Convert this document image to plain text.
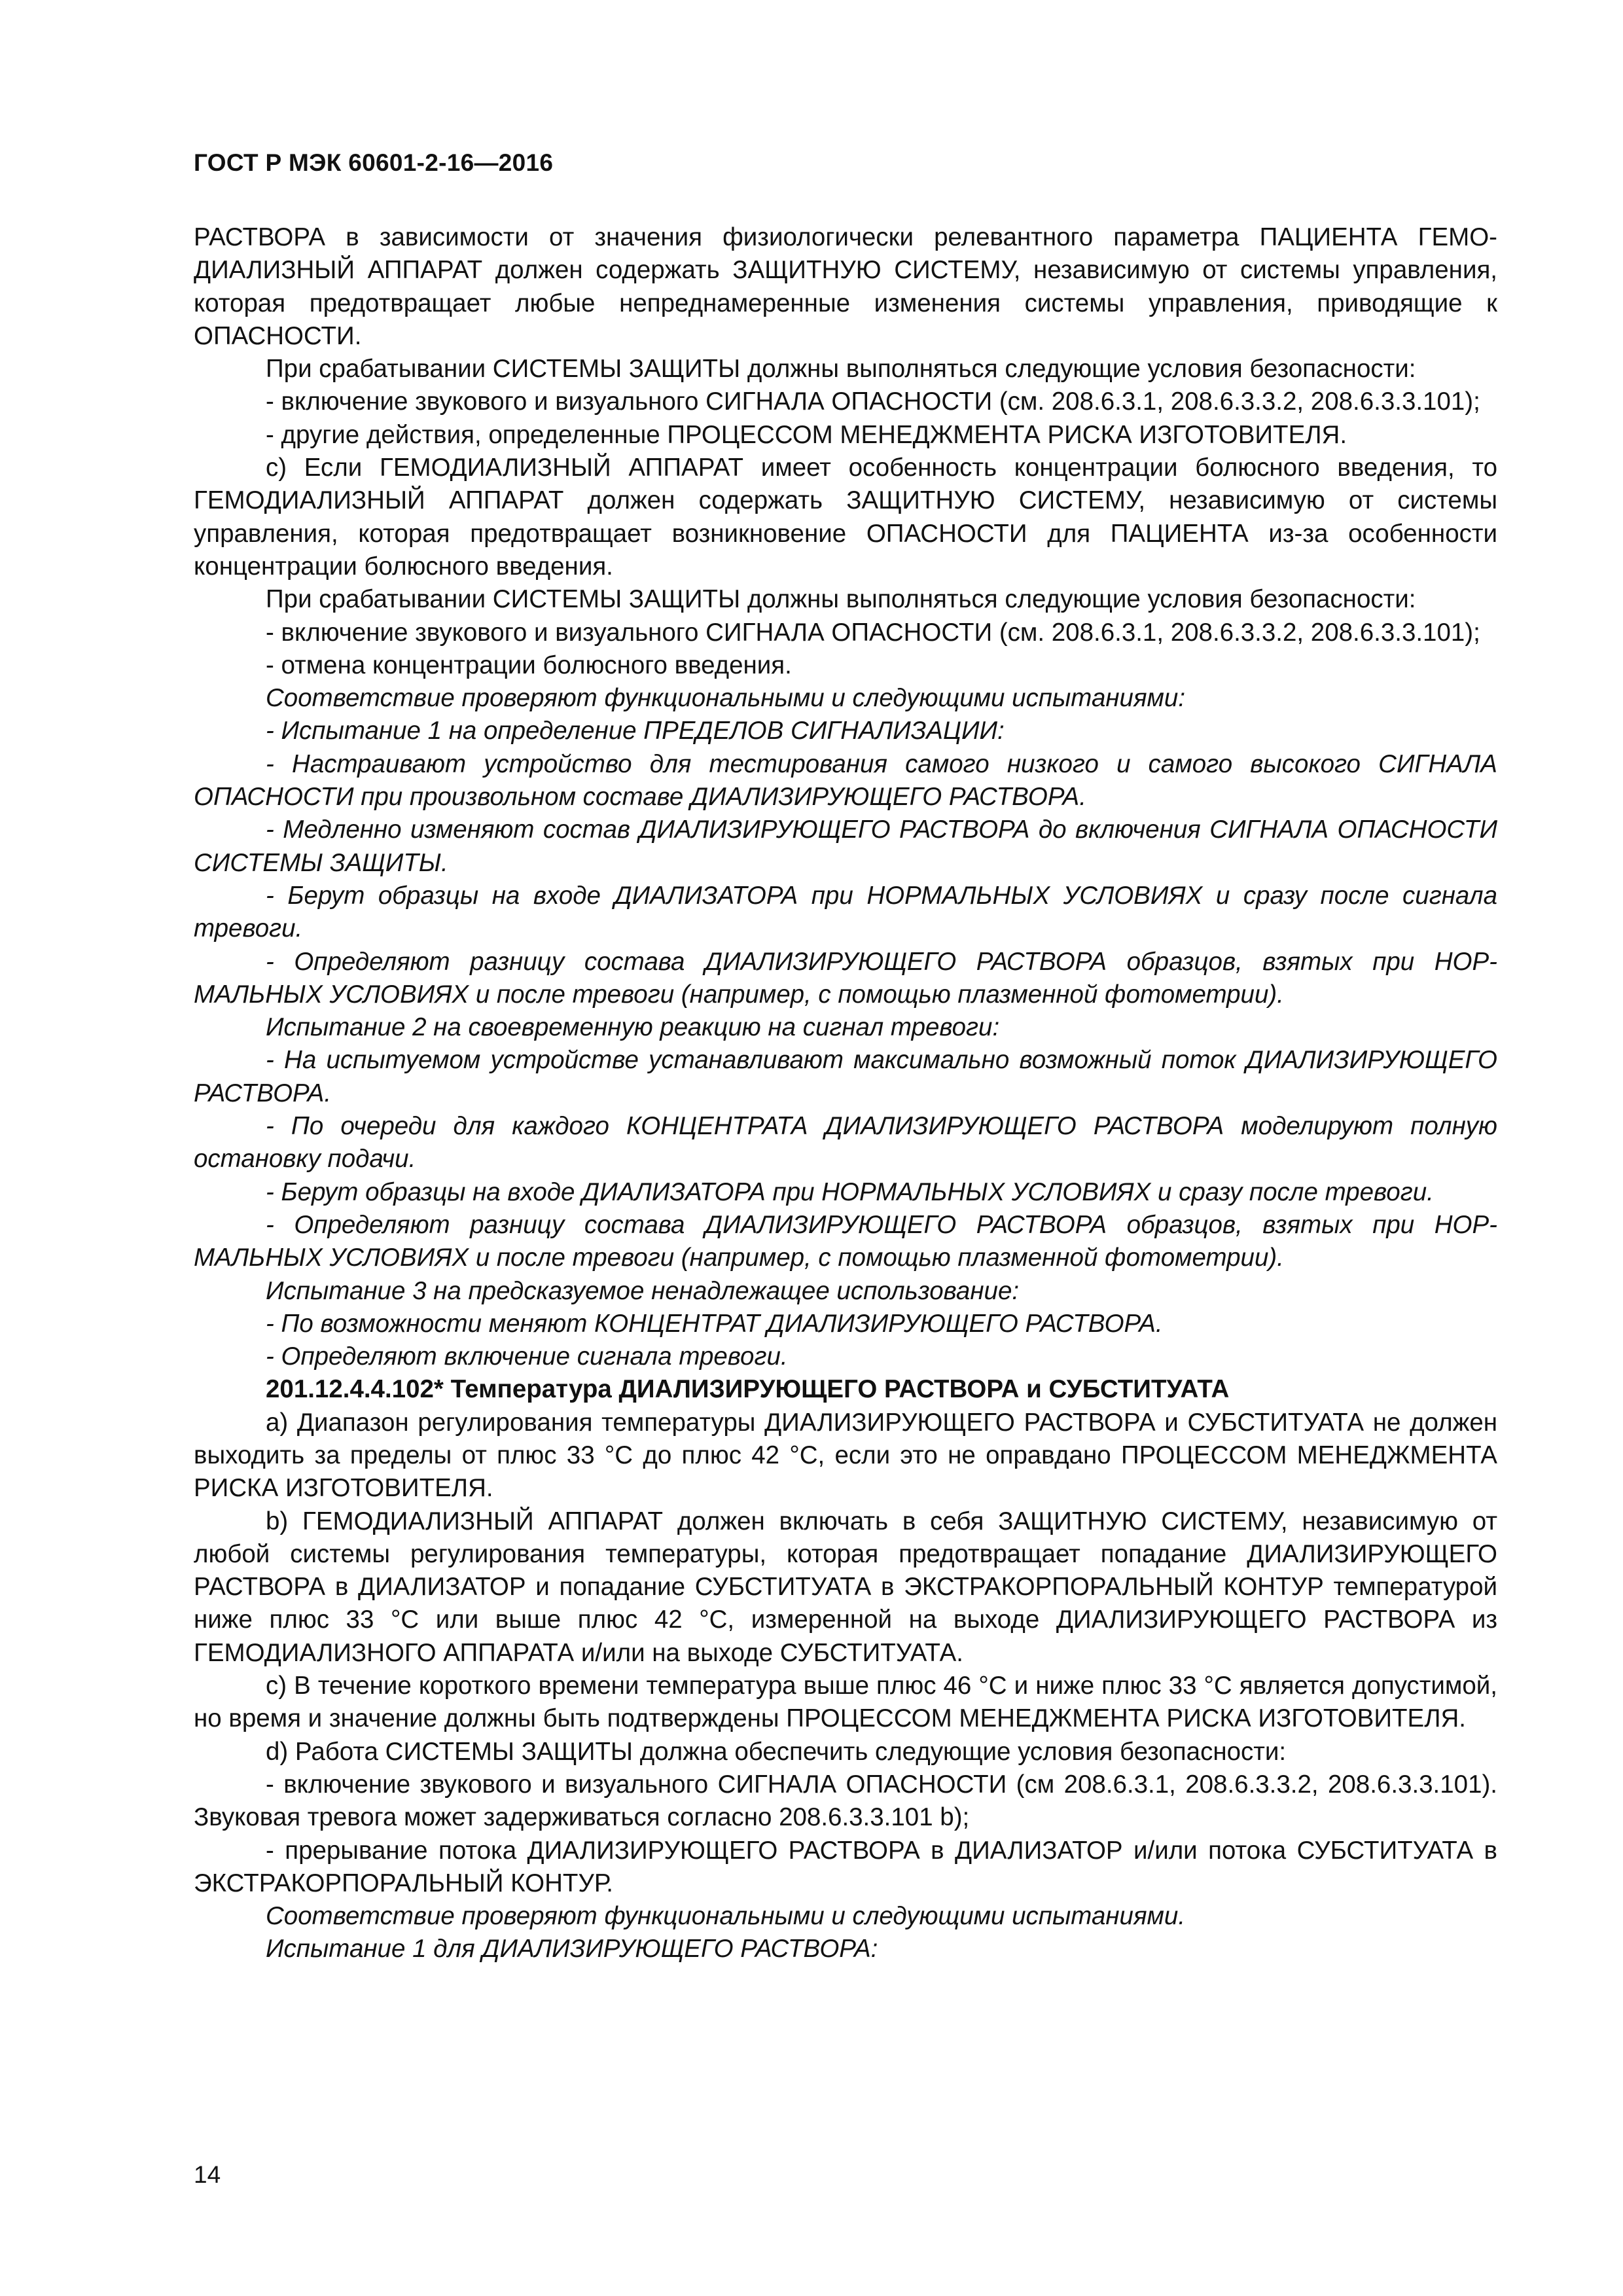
ГОСТ Р МЭК 60601-2-16—2016

РАСТВОРА в зависимости от значения физиологически релевантного параметра ПАЦИЕНТА ГЕМОДИАЛИЗНЫЙ АППАРАТ должен содержать ЗАЩИТНУЮ СИСТЕМУ, независимую от системы управления, которая предотвращает любые непреднамеренные изменения системы управления, приводящие к ОПАСНОСТИ.

При срабатывании СИСТЕМЫ ЗАЩИТЫ должны выполняться следующие условия безопасности:

- включение звукового и визуального СИГНАЛА ОПАСНОСТИ (см. 208.6.3.1, 208.6.3.3.2, 208.6.3.3.101);

- другие действия, определенные ПРОЦЕССОМ МЕНЕДЖМЕНТА РИСКА ИЗГОТОВИТЕЛЯ.

с) Если ГЕМОДИАЛИЗНЫЙ АППАРАТ имеет особенность концентрации болюсного введения, то ГЕМОДИАЛИЗНЫЙ АППАРАТ должен содержать ЗАЩИТНУЮ СИСТЕМУ, независимую от системы управления, которая предотвращает возникновение ОПАСНОСТИ для ПАЦИЕНТА из-за особенности концентрации болюсного введения.

При срабатывании СИСТЕМЫ ЗАЩИТЫ должны выполняться следующие условия безопасности:

- включение звукового и визуального СИГНАЛА ОПАСНОСТИ (см. 208.6.3.1, 208.6.3.3.2, 208.6.3.3.101);

- отмена концентрации болюсного введения.

Соответствие проверяют функциональными и следующими испытаниями:

- Испытание 1 на определение ПРЕДЕЛОВ СИГНАЛИЗАЦИИ:

- Настраивают устройство для тестирования самого низкого и самого высокого СИГНАЛА ОПАСНОСТИ при произвольном составе ДИАЛИЗИРУЮЩЕГО РАСТВОРА.

- Медленно изменяют состав ДИАЛИЗИРУЮЩЕГО РАСТВОРА до включения СИГНАЛА ОПАСНОСТИ СИСТЕМЫ ЗАЩИТЫ.

- Берут образцы на входе ДИАЛИЗАТОРА при НОРМАЛЬНЫХ УСЛОВИЯХ и сразу после сигнала тревоги.

- Определяют разницу состава ДИАЛИЗИРУЮЩЕГО РАСТВОРА образцов, взятых при НОРМАЛЬНЫХ УСЛОВИЯХ и после тревоги (например, с помощью плазменной фотометрии).

Испытание 2 на своевременную реакцию на сигнал тревоги:

- На испытуемом устройстве устанавливают максимально возможный поток ДИАЛИЗИРУЮЩЕГО РАСТВОРА.

- По очереди для каждого КОНЦЕНТРАТА ДИАЛИЗИРУЮЩЕГО РАСТВОРА моделируют полную остановку подачи.

- Берут образцы на входе ДИАЛИЗАТОРА при НОРМАЛЬНЫХ УСЛОВИЯХ и сразу после тревоги.

- Определяют разницу состава ДИАЛИЗИРУЮЩЕГО РАСТВОРА образцов, взятых при НОРМАЛЬНЫХ УСЛОВИЯХ и после тревоги (например, с помощью плазменной фотометрии).

Испытание 3 на предсказуемое ненадлежащее использование:

- По возможности меняют КОНЦЕНТРАТ ДИАЛИЗИРУЮЩЕГО РАСТВОРА.

- Определяют включение сигнала тревоги.

201.12.4.4.102* Температура ДИАЛИЗИРУЮЩЕГО РАСТВОРА и СУБСТИТУАТА

a) Диапазон регулирования температуры ДИАЛИЗИРУЮЩЕГО РАСТВОРА и СУБСТИТУАТА не должен выходить за пределы от плюс 33 °С до плюс 42 °С, если это не оправдано ПРОЦЕССОМ МЕНЕДЖМЕНТА РИСКА ИЗГОТОВИТЕЛЯ.

b) ГЕМОДИАЛИЗНЫЙ АППАРАТ должен включать в себя ЗАЩИТНУЮ СИСТЕМУ, независимую от любой системы регулирования температуры, которая предотвращает попадание ДИАЛИЗИРУЮЩЕГО РАСТВОРА в ДИАЛИЗАТОР и попадание СУБСТИТУАТА в ЭКСТРАКОРПОРАЛЬНЫЙ КОНТУР температурой ниже плюс 33 °С или выше плюс 42 °С, измеренной на выходе ДИАЛИЗИРУЮЩЕГО РАСТВОРА из ГЕМОДИАЛИЗНОГО АППАРАТА и/или на выходе СУБСТИТУАТА.

с) В течение короткого времени температура выше плюс 46 °С и ниже плюс 33 °С является допустимой, но время и значение должны быть подтверждены ПРОЦЕССОМ МЕНЕДЖМЕНТА РИСКА ИЗГОТОВИТЕЛЯ.

d) Работа СИСТЕМЫ ЗАЩИТЫ должна обеспечить следующие условия безопасности:

- включение звукового и визуального СИГНАЛА ОПАСНОСТИ (см 208.6.3.1, 208.6.3.3.2, 208.6.3.3.101). Звуковая тревога может задерживаться согласно 208.6.3.3.101 b);

- прерывание потока ДИАЛИЗИРУЮЩЕГО РАСТВОРА в ДИАЛИЗАТОР и/или потока СУБСТИТУАТА в ЭКСТРАКОРПОРАЛЬНЫЙ КОНТУР.

Соответствие проверяют функциональными и следующими испытаниями.

Испытание 1 для ДИАЛИЗИРУЮЩЕГО РАСТВОРА:

14
